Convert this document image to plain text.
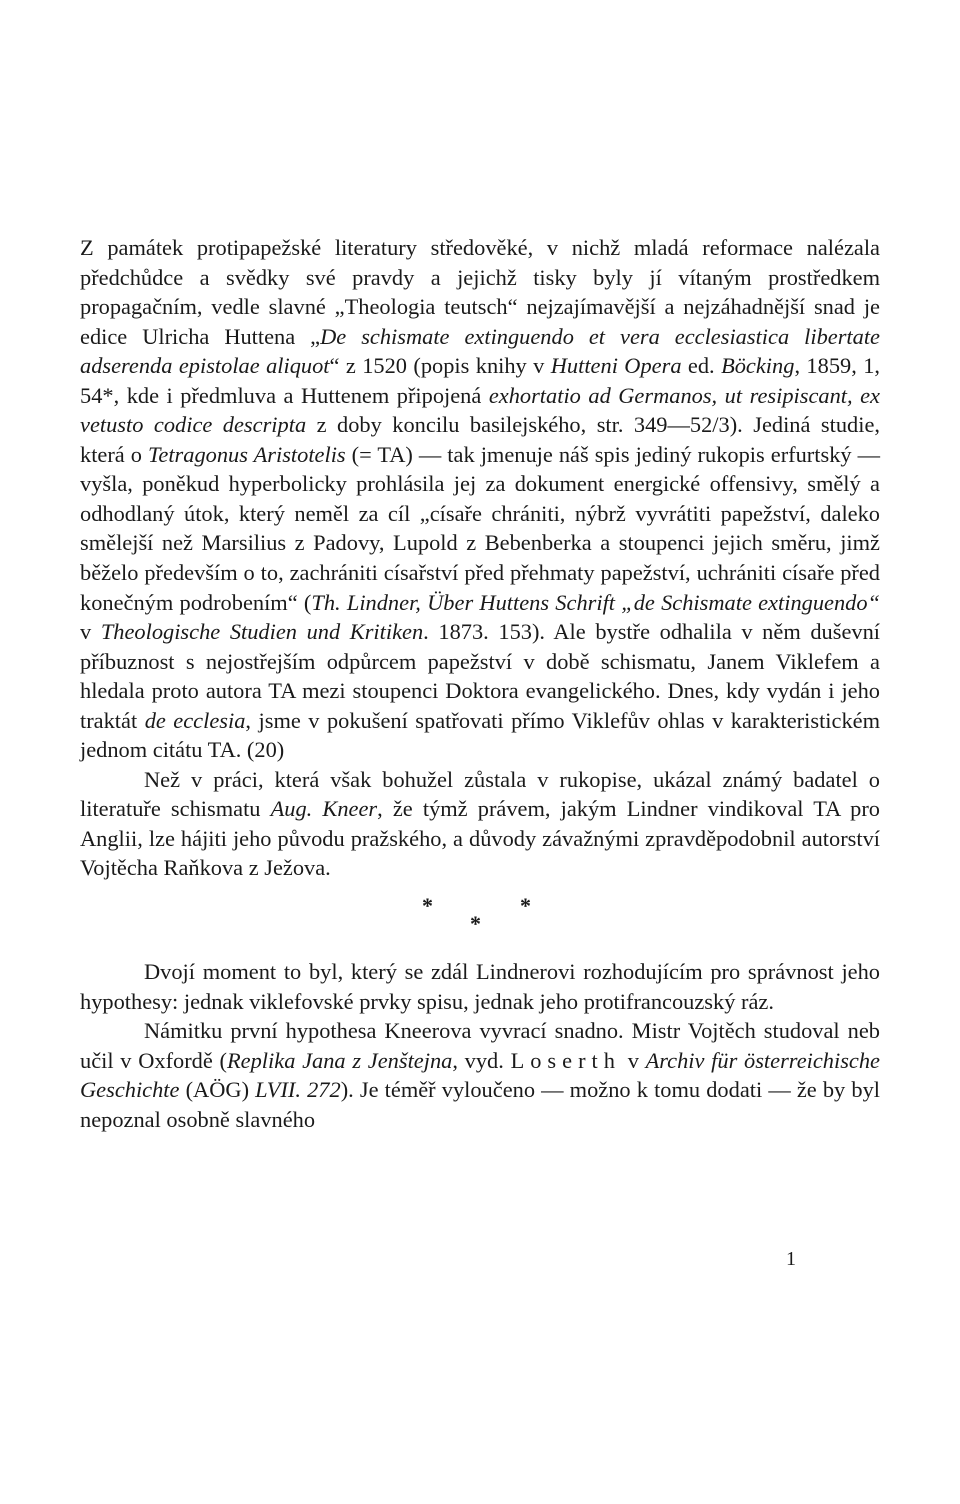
Z památek protipapežské literatury středověké, v nichž mladá reformace nalézala předchůdce a svědky své pravdy a jejichž tisky byly jí vítaným prostředkem propagačním, vedle slavné „Theologia teutsch“ nejzajímavější a nejzáhadnější snad je edice Ulricha Huttena „De schismate extinguendo et vera ecclesiastica libertate adserenda epistolae aliquot“ z 1520 (popis knihy v Hutteni Opera ed. Böcking, 1859, 1, 54*, kde i předmluva a Huttenem připojená exhortatio ad Germanos, ut resipiscant, ex vetusto codice descripta z doby koncilu basilejského, str. 349—52/3). Jediná studie, která o Tetragonus Aristotelis (= TA) — tak jmenuje náš spis jediný rukopis erfurtský — vyšla, poněkud hyperbolicky prohlásila jej za dokument energické offensivy, smělý a odhodlaný útok, který neměl za cíl „císaře chrániti, nýbrž vyvrátiti papežství, daleko smělejší než Marsilius z Padovy, Lupold z Bebenberka a stoupenci jejich směru, jimž běželo především o to, zachrániti císařství před přehmaty papežství, uchrániti císaře před konečným podrobením“ (Th. Lindner, Über Huttens Schrift „de Schismate extinguendo“ v Theologische Studien und Kritiken. 1873. 153). Ale bystře odhalila v něm duševní příbuznost s nejostřejším odpůrcem papežství v době schismatu, Janem Viklefem a hledala proto autora TA mezi stoupenci Doktora evangelického. Dnes, kdy vydán i jeho traktát de ecclesia, jsme v pokušení spatřovati přímo Viklefův ohlas v karakteristickém jednom citátu TA. (20)

Než v práci, která však bohužel zůstala v rukopise, ukázal známý badatel o literatuře schismatu Aug. Kneer, že týmž právem, jakým Lindner vindikoval TA pro Anglii, lze hájiti jeho původu pražského, a důvody závažnými zpravděpodobnil autorství Vojtěcha Raňkova z Ježova.

*
*
*

Dvojí moment to byl, který se zdál Lindnerovi rozhodujícím pro správnost jeho hypothesy: jednak viklefovské prvky spisu, jednak jeho protifrancouzský ráz.

Námitku první hypothesa Kneerova vyvrací snadno. Mistr Vojtěch studoval neb učil v Oxfordě (Replika Jana z Jenštejna, vyd. Loserth v Archiv für österreichische Geschichte (AÖG) LVII. 272). Je téměř vyloučeno — možno k tomu dodati — že by byl nepoznal osobně slavného

1
